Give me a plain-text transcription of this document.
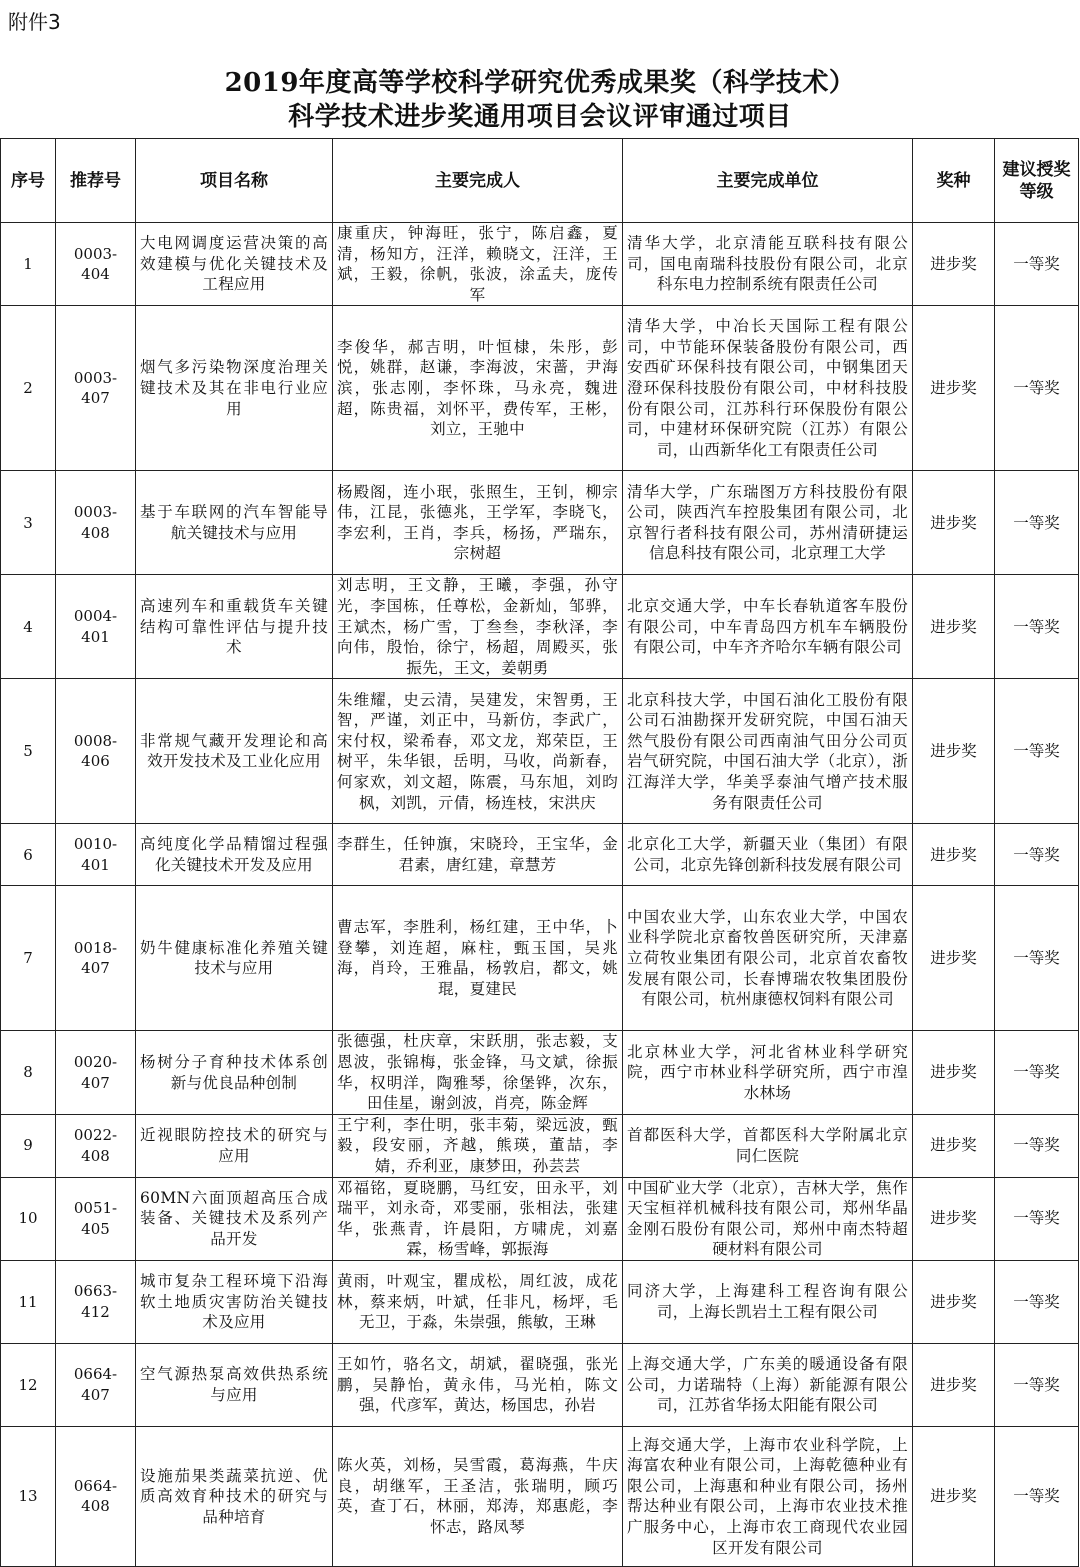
附件3
2019年度高等学校科学研究优秀成果奖（科学技术）
科学技术进步奖通用项目会议评审通过项目
序号	推荐号	项目名称	主要完成人	主要完成单位	奖种	建议授奖等级
1	0003-404	大电网调度运营决策的高效建模与优化关键技术及工程应用	康重庆，钟海旺，张宁，陈启鑫，夏清，杨知方，汪洋，赖晓文，汪洋，王斌，王毅，徐帆，张波，涂孟夫，庞传军	清华大学，北京清能互联科技有限公司，国电南瑞科技股份有限公司，北京科东电力控制系统有限责任公司	进步奖	一等奖
2	0003-407	烟气多污染物深度治理关键技术及其在非电行业应用	李俊华，郝吉明，叶恒棣，朱彤，彭悦，姚群，赵谦，李海波，宋蔷，尹海滨，张志刚，李怀珠，马永亮，魏进超，陈贵福，刘怀平，费传军，王彬，刘立，王驰中	清华大学，中冶长天国际工程有限公司，中节能环保装备股份有限公司，西安西矿环保科技有限公司，中钢集团天澄环保科技股份有限公司，中材科技股份有限公司，江苏科行环保股份有限公司，中建材环保研究院（江苏）有限公司，山西新华化工有限责任公司	进步奖	一等奖
3	0003-408	基于车联网的汽车智能导航关键技术与应用	杨殿阁，连小珉，张照生，王钊，柳宗伟，江昆，张德兆，王学军，李晓飞，李宏利，王肖，李兵，杨扬，严瑞东，宗树超	清华大学，广东瑞图万方科技股份有限公司，陕西汽车控股集团有限公司，北京智行者科技有限公司，苏州清研捷运信息科技有限公司，北京理工大学	进步奖	一等奖
4	0004-401	高速列车和重载货车关键结构可靠性评估与提升技术	刘志明，王文静，王曦，李强，孙守光，李国栋，任尊松，金新灿，邹骅，王斌杰，杨广雪，丁叁叁，李秋泽，李向伟，殷怡，徐宁，杨超，周殿买，张振先，王文，姜朝勇	北京交通大学，中车长春轨道客车股份有限公司，中车青岛四方机车车辆股份有限公司，中车齐齐哈尔车辆有限公司	进步奖	一等奖
5	0008-406	非常规气藏开发理论和高效开发技术及工业化应用	朱维耀，史云清，吴建发，宋智勇，王智，严谨，刘正中，马新仿，李武广，宋付权，梁希春，邓文龙，郑荣臣，王树平，朱华银，岳明，马收，尚新春，何家欢，刘文超，陈震，马东旭，刘昀枫，刘凯，亓倩，杨连枝，宋洪庆	北京科技大学，中国石油化工股份有限公司石油勘探开发研究院，中国石油天然气股份有限公司西南油气田分公司页岩气研究院，中国石油大学（北京），浙江海洋大学，华美孚泰油气增产技术服务有限责任公司	进步奖	一等奖
6	0010-401	高纯度化学品精馏过程强化关键技术开发及应用	李群生，任钟旗，宋晓玲，王宝华，金君素，唐红建，章慧芳	北京化工大学，新疆天业（集团）有限公司，北京先锋创新科技发展有限公司	进步奖	一等奖
7	0018-407	奶牛健康标准化养殖关键技术与应用	曹志军，李胜利，杨红建，王中华，卜登攀，刘连超，麻柱，甄玉国，吴兆海，肖玲，王雅晶，杨敦启，都文，姚琨，夏建民	中国农业大学，山东农业大学，中国农业科学院北京畜牧兽医研究所，天津嘉立荷牧业集团有限公司，北京首农畜牧发展有限公司，长春博瑞农牧集团股份有限公司，杭州康德权饲料有限公司	进步奖	一等奖
8	0020-407	杨树分子育种技术体系创新与优良品种创制	张德强，杜庆章，宋跃朋，张志毅，支恩波，张锦梅，张金锋，马文斌，徐振华，权明洋，陶雅琴，徐堡铧，次东，田佳星，谢剑波，肖亮，陈金辉	北京林业大学，河北省林业科学研究院，西宁市林业科学研究所，西宁市湟水林场	进步奖	一等奖
9	0022-408	近视眼防控技术的研究与应用	王宁利，李仕明，张丰菊，梁远波，甄毅，段安丽，齐越，熊瑛，董喆，李婧，乔利亚，康梦田，孙芸芸	首都医科大学，首都医科大学附属北京同仁医院	进步奖	一等奖
10	0051-405	60MN六面顶超高压合成装备、关键技术及系列产品开发	邓福铭，夏晓鹏，马红安，田永平，刘瑞平，刘永奇，邓雯丽，张相法，张建华，张燕青，许晨阳，方啸虎，刘嘉霖，杨雪峰，郭振海	中国矿业大学（北京），吉林大学，焦作天宝桓祥机械科技有限公司，郑州华晶金刚石股份有限公司，郑州中南杰特超硬材料有限公司	进步奖	一等奖
11	0663-412	城市复杂工程环境下沿海软土地质灾害防治关键技术及应用	黄雨，叶观宝，瞿成松，周红波，成花林，蔡来炳，叶斌，任非凡，杨坪，毛无卫，于淼，朱崇强，熊敏，王琳	同济大学，上海建科工程咨询有限公司，上海长凯岩土工程有限公司	进步奖	一等奖
12	0664-407	空气源热泵高效供热系统与应用	王如竹，骆名文，胡斌，翟晓强，张光鹏，吴静怡，黄永伟，马光柏，陈文强，代彦军，黄达，杨国忠，孙岩	上海交通大学，广东美的暖通设备有限公司，力诺瑞特（上海）新能源有限公司，江苏省华扬太阳能有限公司	进步奖	一等奖
13	0664-408	设施茄果类蔬菜抗逆、优质高效育种技术的研究与品种培育	陈火英，刘杨，吴雪霞，葛海燕，牛庆良，胡继军，王圣洁，张瑞明，顾巧英，查丁石，林丽，郑涛，郑惠彪，李怀志，路凤琴	上海交通大学，上海市农业科学院，上海富农种业有限公司，上海乾德种业有限公司，上海惠和种业有限公司，扬州帮达种业有限公司，上海市农业技术推广服务中心，上海市农工商现代农业园区开发有限公司	进步奖	一等奖
